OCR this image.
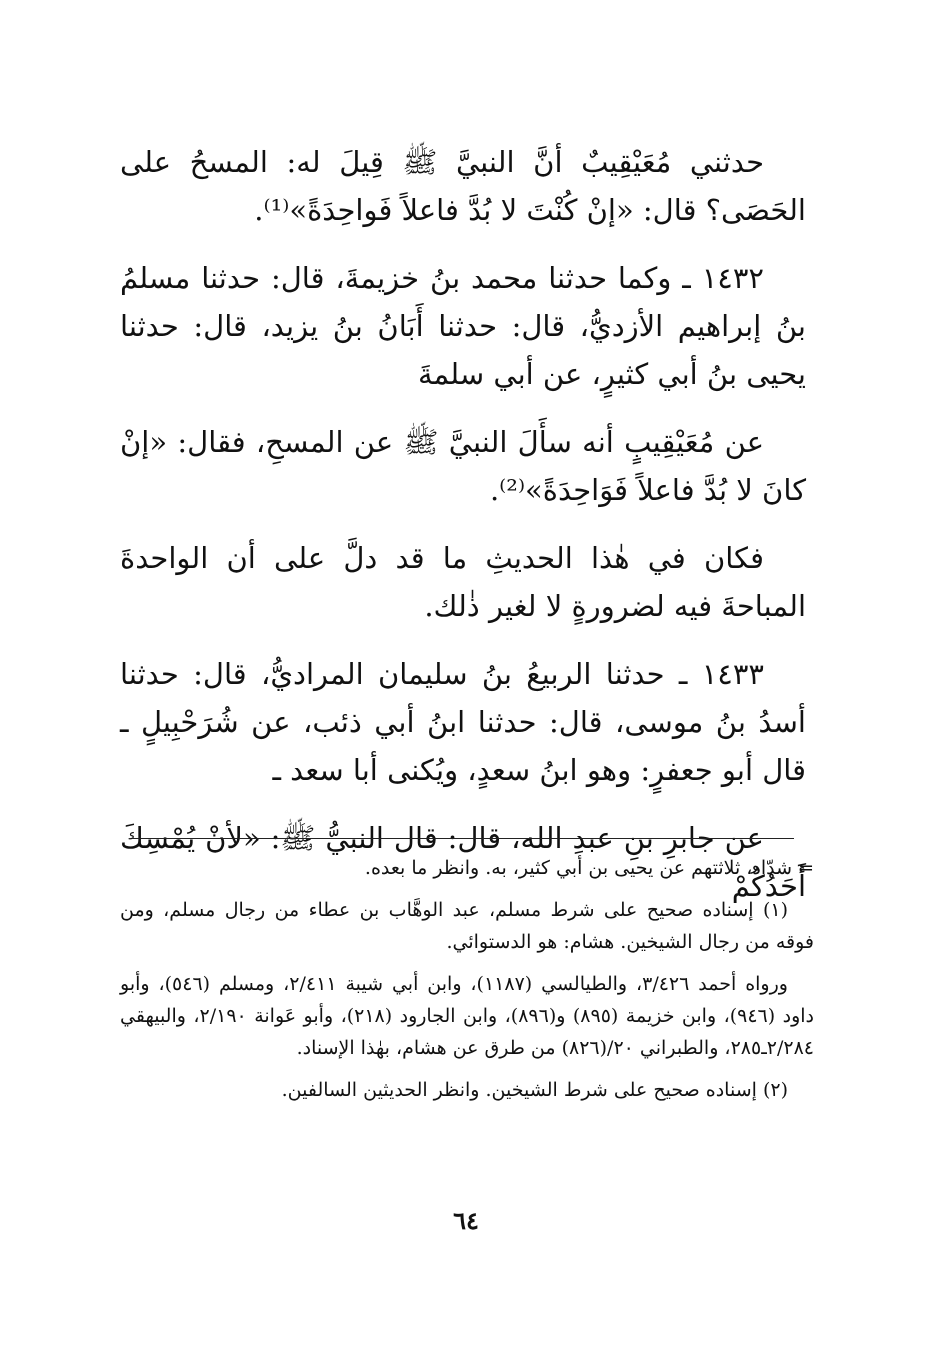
حدثني مُعَيْقِيبٌ أنَّ النبيَّ ﷺ قِيلَ له: المسحُ على الحَصَى؟ قال: «إنْ كُنْتَ لا بُدَّ فاعلاً فَواحِدَةً»⁽¹⁾.

١٤٣٢ ـ وكما حدثنا محمد بنُ خزيمةَ، قال: حدثنا مسلمُ بنُ إبراهيم الأزديُّ، قال: حدثنا أَبَانُ بنُ يزيد، قال: حدثنا يحيى بنُ أبي كثيرٍ، عن أبي سلمةَ

عن مُعَيْقِيبٍ أنه سأَلَ النبيَّ ﷺ عن المسحِ، فقال: «إنْ كانَ لا بُدَّ فاعلاً فَوَاحِدَةً»⁽²⁾.

فكان في هٰذا الحديثِ ما قد دلَّ على أن الواحدةَ المباحةَ فيه لضرورةٍ لا لغير ذٰلك.

١٤٣٣ ـ حدثنا الربيعُ بنُ سليمان المراديُّ، قال: حدثنا أسدُ بنُ موسى، قال: حدثنا ابنُ أبي ذئب، عن شُرَحْبِيلٍ ـ قال أبو جعفرٍ: وهو ابنُ سعدٍ، ويُكنى أبا سعد ـ

عن جابرِ بنِ عبدِ الله، قال: قال النبيُّ ﷺ: «لأنْ يُمْسِكَ أَحَدُكُمْ

= شدّاد، ثلاثتهم عن يحيى بن أبي كثير، به. وانظر ما بعده.

(١) إسناده صحيح على شرط مسلم، عبد الوهَّاب بن عطاء من رجال مسلم، ومن فوقه من رجال الشيخين. هشام: هو الدستوائي.

ورواه أحمد ٣/٤٢٦، والطيالسي (١١٨٧)، وابن أبي شيبة ٢/٤١١، ومسلم (٥٤٦)، وأبو داود (٩٤٦)، وابن خزيمة (٨٩٥) و(٨٩٦)، وابن الجارود (٢١٨)، وأبو عَوانة ٢/١٩٠، والبيهقي ٢/٢٨٤ـ٢٨٥، والطبراني ٢٠/(٨٢٦) من طرق عن هشام، بهٰذا الإسناد.

(٢) إسناده صحيح على شرط الشيخين. وانظر الحديثين السالفين.

٦٤
